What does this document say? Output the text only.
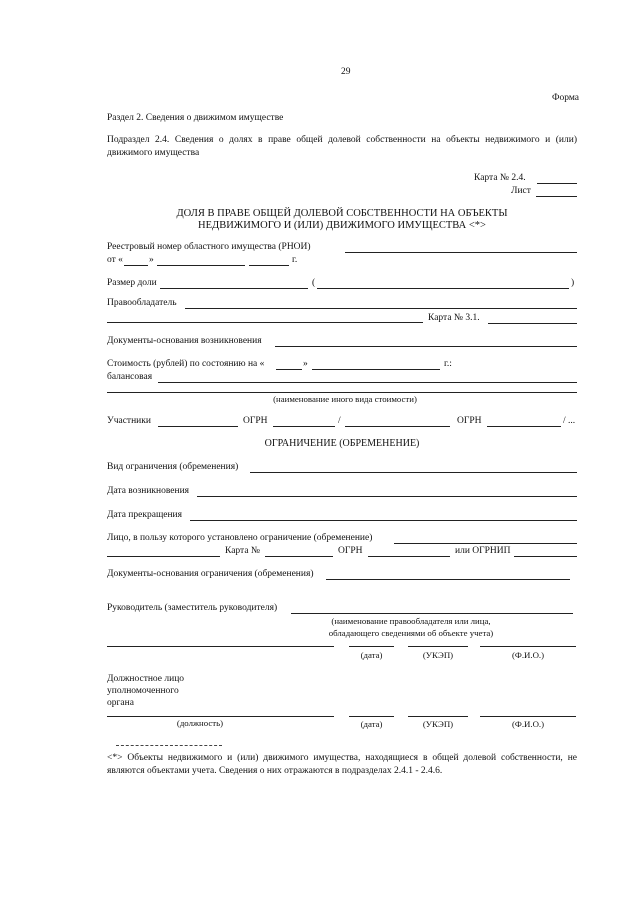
29
Форма
Раздел 2. Сведения о движимом имуществе
Подраздел 2.4. Сведения о долях в праве общей долевой собственности на объекты недвижимого и (или) движимого имущества
Карта № 2.4.
Лист
ДОЛЯ В ПРАВЕ ОБЩЕЙ ДОЛЕВОЙ СОБСТВЕННОСТИ НА ОБЪЕКТЫ
НЕДВИЖИМОГО И (ИЛИ) ДВИЖИМОГО ИМУЩЕСТВА <*>
Реестровый номер областного имущества (РНОИ)
от «	»	г.
Размер доли	(	)
Правообладатель
Карта № 3.1.
Документы-основания возникновения
Стоимость (рублей) по состоянию на «	»	г.:
балансовая
(наименование иного вида стоимости)
Участники	ОГРН	/	ОГРН	/ ...
ОГРАНИЧЕНИЕ (ОБРЕМЕНЕНИЕ)
Вид ограничения (обременения)
Дата возникновения
Дата прекращения
Лицо, в пользу которого установлено ограничение (обременение)
Карта №	ОГРН	или ОГРНИП
Документы-основания ограничения (обременения)
Руководитель (заместитель руководителя)
(наименование правообладателя или лица,
обладающего сведениями об объекте учета)
(дата)	(УКЭП)	(Ф.И.О.)
Должностное лицо
уполномоченного
органа
(должность)	(дата)	(УКЭП)	(Ф.И.О.)
<*> Объекты недвижимого и (или) движимого имущества, находящиеся в общей долевой собственности, не являются объектами учета. Сведения о них отражаются в подразделах 2.4.1 - 2.4.6.
